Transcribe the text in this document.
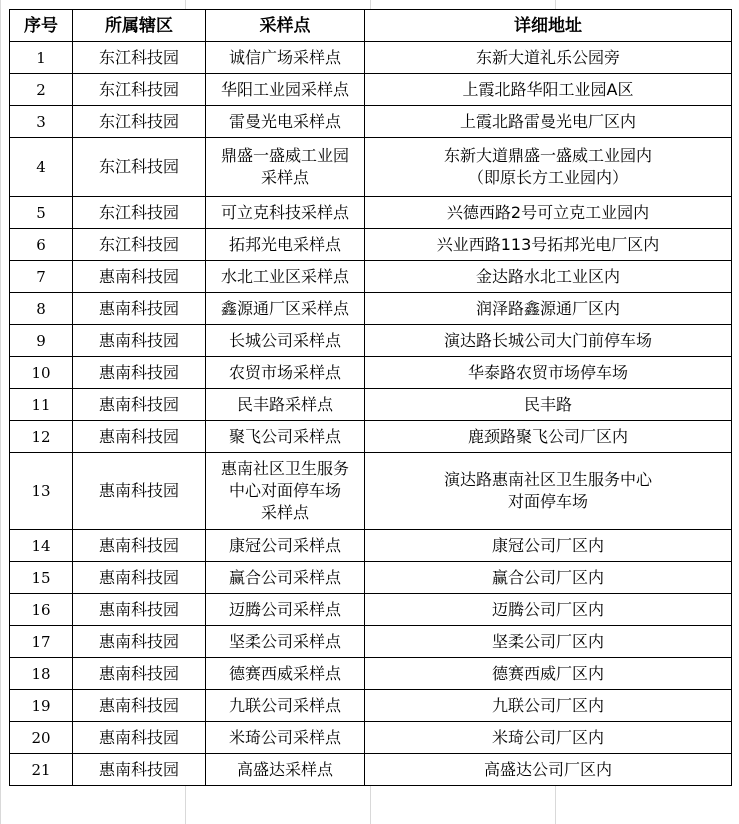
序号	所属辖区	采样点	详细地址
1	东江科技园	诚信广场采样点	东新大道礼乐公园旁

2	东江科技园	华阳工业园采样点	上霞北路华阳工业园A区

3	东江科技园	雷曼光电采样点	上霞北路雷曼光电厂区内

4	东江科技园	鼎盛一盛威工业园
采样点	东新大道鼎盛一盛威工业园内
（即原长方工业园内）

5	东江科技园	可立克科技采样点	兴德西路2号可立克工业园内

6	东江科技园	拓邦光电采样点	兴业西路113号拓邦光电厂区内

7	惠南科技园	水北工业区采样点	金达路水北工业区内

8	惠南科技园	鑫源通厂区采样点	润泽路鑫源通厂区内

9	惠南科技园	长城公司采样点	演达路长城公司大门前停车场

10	惠南科技园	农贸市场采样点	华泰路农贸市场停车场

11	惠南科技园	民丰路采样点	民丰路

12	惠南科技园	聚飞公司采样点	鹿颈路聚飞公司厂区内

13	惠南科技园	惠南社区卫生服务
中心对面停车场
采样点	演达路惠南社区卫生服务中心
对面停车场

14	惠南科技园	康冠公司采样点	康冠公司厂区内

15	惠南科技园	赢合公司采样点	赢合公司厂区内

16	惠南科技园	迈腾公司采样点	迈腾公司厂区内

17	惠南科技园	坚柔公司采样点	坚柔公司厂区内

18	惠南科技园	德赛西威采样点	德赛西威厂区内

19	惠南科技园	九联公司采样点	九联公司厂区内

20	惠南科技园	米琦公司采样点	米琦公司厂区内

21	惠南科技园	高盛达采样点	高盛达公司厂区内
